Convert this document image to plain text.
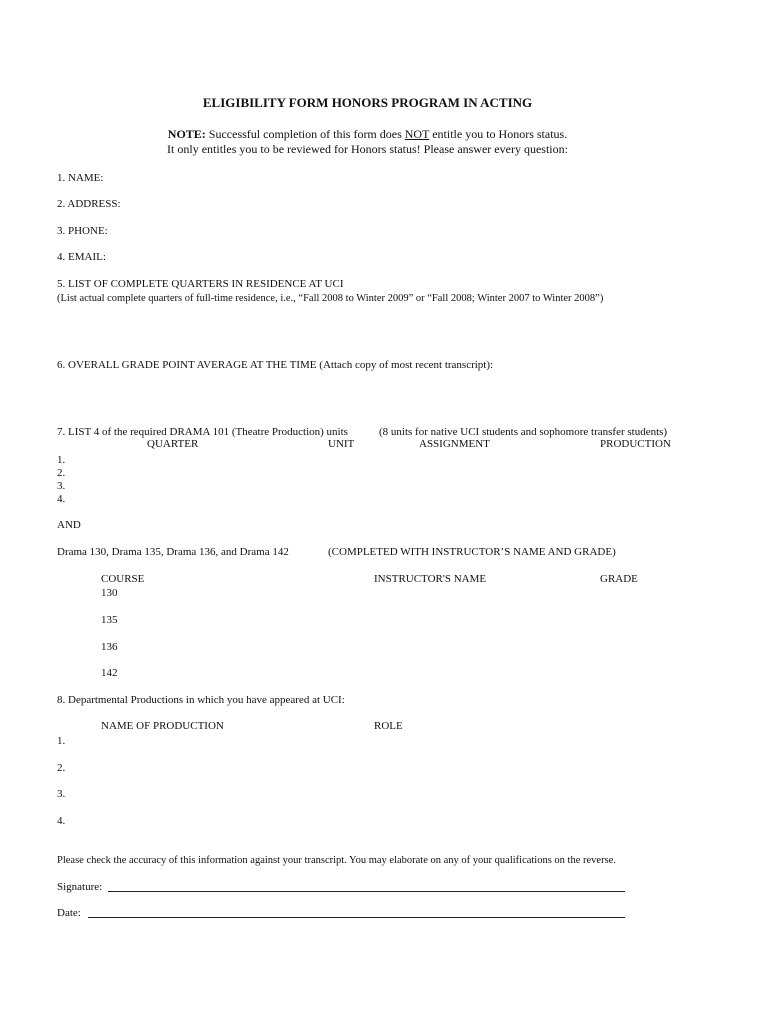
ELIGIBILITY FORM HONORS PROGRAM IN ACTING
NOTE: Successful completion of this form does NOT entitle you to Honors status.
It only entitles you to be reviewed for Honors status! Please answer every question:
1. NAME:
2. ADDRESS:
3. PHONE:
4. EMAIL:
5. LIST OF COMPLETE QUARTERS IN RESIDENCE AT UCI
(List actual complete quarters of full-time residence, i.e., “Fall 2008 to Winter 2009” or “Fall 2008; Winter 2007 to Winter 2008”)
6. OVERALL GRADE POINT AVERAGE AT THE TIME (Attach copy of most recent transcript):
7. LIST 4 of the required DRAMA 101 (Theatre Production) units	(8 units for native UCI students and sophomore transfer students)
QUARTER	UNIT	ASSIGNMENT	PRODUCTION
1.
2.
3.
4.
AND
Drama 130, Drama 135, Drama 136, and Drama 142	(COMPLETED WITH INSTRUCTOR’S NAME AND GRADE)
COURSE	INSTRUCTOR'S NAME	GRADE
130
135
136
142
8. Departmental Productions in which you have appeared at UCI:
NAME OF PRODUCTION	ROLE
1.
2.
3.
4.
Please check the accuracy of this information against your transcript. You may elaborate on any of your qualifications on the reverse.
Signature:
Date:
